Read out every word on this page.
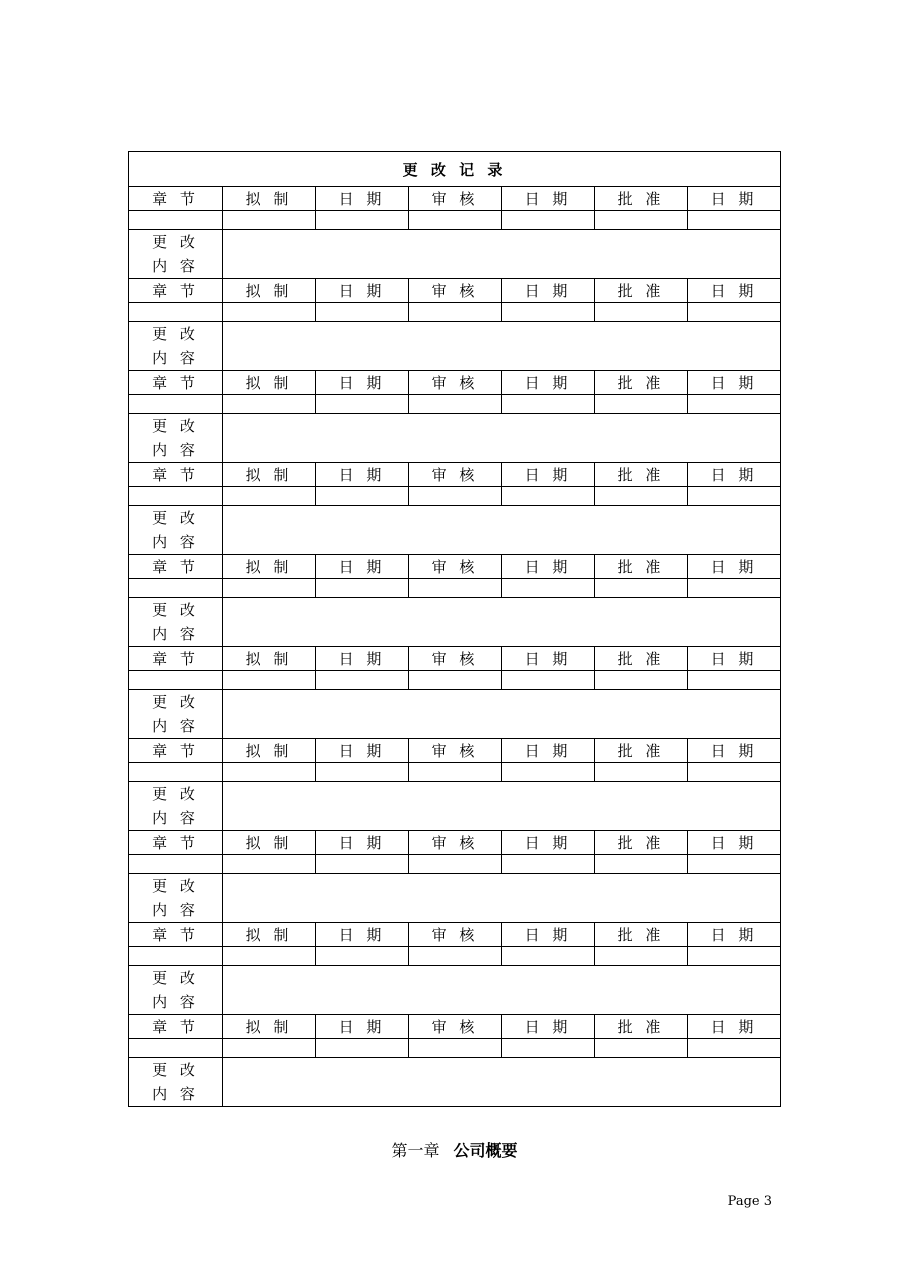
更 改 记 录						
章 节	拟 制	日 期	审 核	日 期	批 准	日 期

更 改
内 容						

章 节	拟 制	日 期	审 核	日 期	批 准	日 期

更 改
内 容						

章 节	拟 制	日 期	审 核	日 期	批 准	日 期

更 改
内 容						

章 节	拟 制	日 期	审 核	日 期	批 准	日 期

更 改
内 容						

章 节	拟 制	日 期	审 核	日 期	批 准	日 期

更 改
内 容						

章 节	拟 制	日 期	审 核	日 期	批 准	日 期

更 改
内 容						

章 节	拟 制	日 期	审 核	日 期	批 准	日 期

更 改
内 容						

章 节	拟 制	日 期	审 核	日 期	批 准	日 期

更 改
内 容						

章 节	拟 制	日 期	审 核	日 期	批 准	日 期

更 改
内 容						

章 节	拟 制	日 期	审 核	日 期	批 准	日 期

更 改
内 容						

第一章 公司概要
Page 3
